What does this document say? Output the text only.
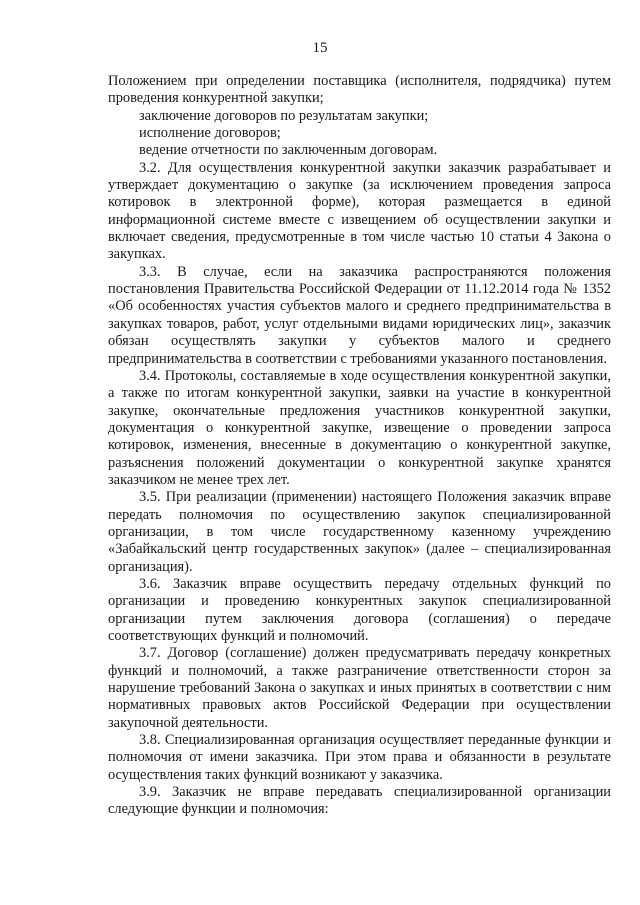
15

Положением при определении поставщика (исполнителя, подрядчика) путем проведения конкурентной закупки;

заключение договоров по результатам закупки;

исполнение договоров;

ведение отчетности по заключенным договорам.

3.2. Для осуществления конкурентной закупки заказчик разрабатывает и утверждает документацию о закупке (за исключением проведения запроса котировок в электронной форме), которая размещается в единой информационной системе вместе с извещением об осуществлении закупки и включает сведения, предусмотренные в том числе частью 10 статьи 4 Закона о закупках.

3.3. В случае, если на заказчика распространяются положения постановления Правительства Российской Федерации от 11.12.2014 года № 1352 «Об особенностях участия субъектов малого и среднего предпринимательства в закупках товаров, работ, услуг отдельными видами юридических лиц», заказчик обязан осуществлять закупки у субъектов малого и среднего предпринимательства в соответствии с требованиями указанного постановления.

3.4. Протоколы, составляемые в ходе осуществления конкурентной закупки, а также по итогам конкурентной закупки, заявки на участие в конкурентной закупке, окончательные предложения участников конкурентной закупки, документация о конкурентной закупке, извещение о проведении запроса котировок, изменения, внесенные в документацию о конкурентной закупке, разъяснения положений документации о конкурентной закупке хранятся заказчиком не менее трех лет.

3.5. При реализации (применении) настоящего Положения заказчик вправе передать полномочия по осуществлению закупок специализированной организации, в том числе государственному казенному учреждению «Забайкальский центр государственных закупок» (далее – специализированная организация).

3.6. Заказчик вправе осуществить передачу отдельных функций по организации и проведению конкурентных закупок специализированной организации путем заключения договора (соглашения) о передаче соответствующих функций и полномочий.

3.7. Договор (соглашение) должен предусматривать передачу конкретных функций и полномочий, а также разграничение ответственности сторон за нарушение требований Закона о закупках и иных принятых в соответствии с ним нормативных правовых актов Российской Федерации при осуществлении закупочной деятельности.

3.8. Специализированная организация осуществляет переданные функции и полномочия от имени заказчика. При этом права и обязанности в результате осуществления таких функций возникают у заказчика.

3.9. Заказчик не вправе передавать специализированной организации следующие функции и полномочия:
